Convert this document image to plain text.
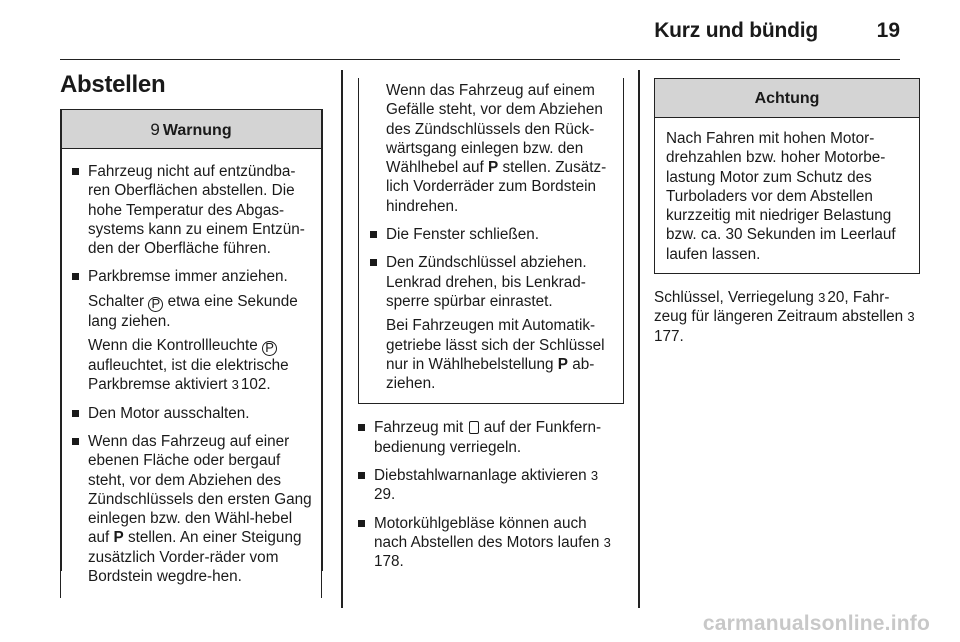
Kurz und bündig	19
Abstellen
9 Warnung
Fahrzeug nicht auf entzündba-ren Oberflächen abstellen. Die hohe Temperatur des Abgas-systems kann zu einem Entzün-den der Oberfläche führen.
Parkbremse immer anziehen.
Schalter P etwa eine Sekunde lang ziehen.
Wenn die Kontrollleuchte P aufleuchtet, ist die elektrische Parkbremse aktiviert 3 102.
Den Motor ausschalten.
Wenn das Fahrzeug auf einer ebenen Fläche oder bergauf steht, vor dem Abziehen des Zündschlüssels den ersten Gang einlegen bzw. den Wähl-hebel auf P stellen. An einer Steigung zusätzlich Vorder-räder vom Bordstein wegdre-hen.
Wenn das Fahrzeug auf einem Gefälle steht, vor dem Abziehen des Zündschlüssels den Rück-wärtsgang einlegen bzw. den Wählhebel auf P stellen. Zusätz-lich Vorderräder zum Bordstein hindrehen.
Die Fenster schließen.
Den Zündschlüssel abziehen. Lenkrad drehen, bis Lenkrad-sperre spürbar einrastet.
Bei Fahrzeugen mit Automatik-getriebe lässt sich der Schlüssel nur in Wählhebelstellung P ab-ziehen.
Fahrzeug mit auf der Funkfern-bedienung verriegeln.
Diebstahlwarnanlage aktivieren 329.
Motorkühlgebläse können auch nach Abstellen des Motors laufen 3178.
Achtung
Nach Fahren mit hohen Motor-drehzahlen bzw. hoher Motorbe-lastung Motor zum Schutz des Turboladers vor dem Abstellen kurzzeitig mit niedriger Belastung bzw. ca. 30 Sekunden im Leerlauf laufen lassen.
Schlüssel, Verriegelung 3 20, Fahr-zeug für längeren Zeitraum abstellen 3177.
carmanualsonline.info
